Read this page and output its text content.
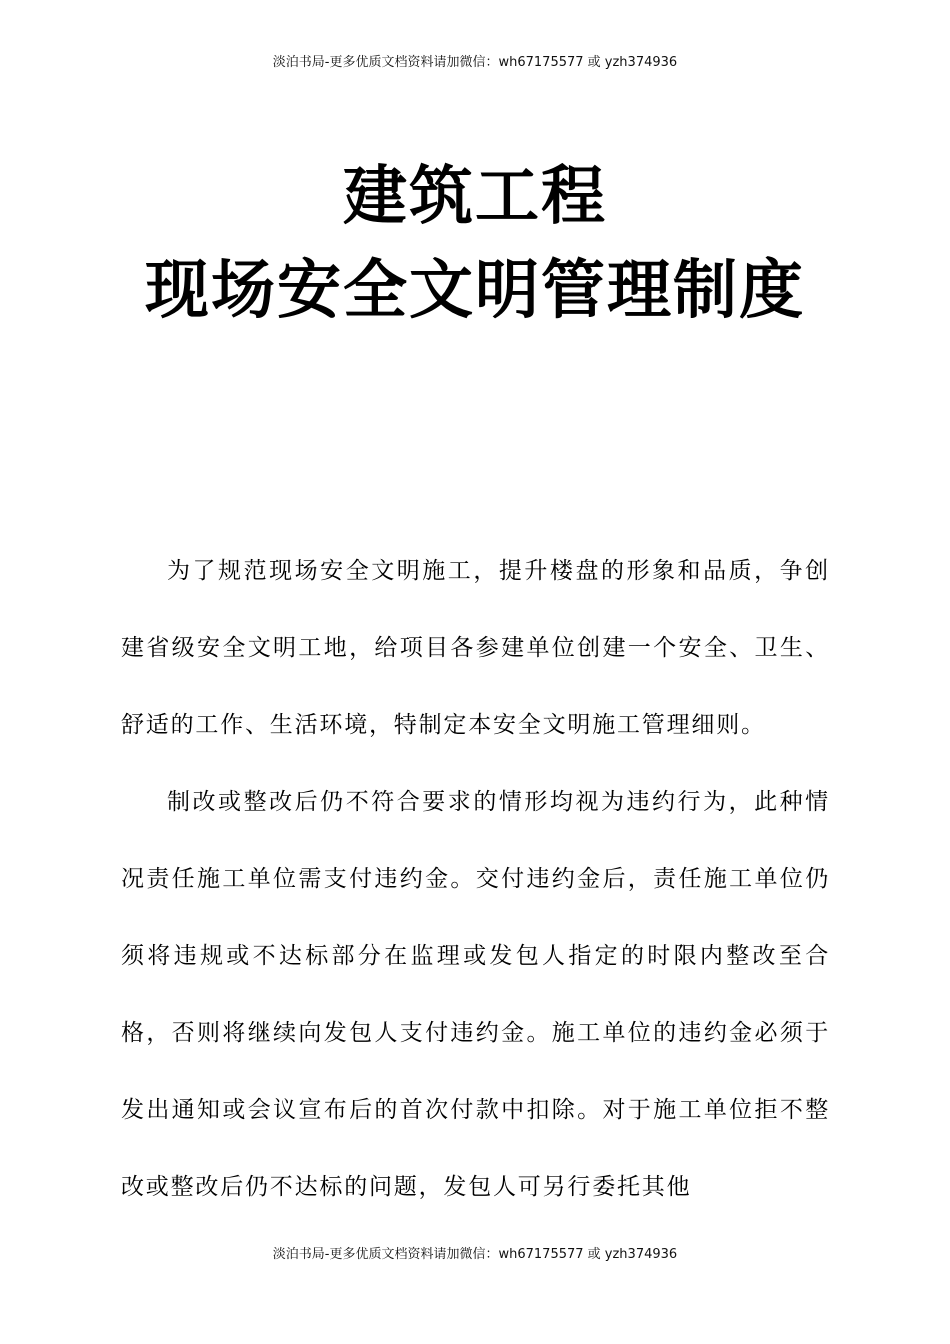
淡泊书局-更多优质文档资料请加微信：wh67175577 或 yzh374936
建筑工程
现场安全文明管理制度

为了规范现场安全文明施工，提升楼盘的形象和品质，争创建省级安全文明工地，给项目各参建单位创建一个安全、卫生、舒适的工作、生活环境，特制定本安全文明施工管理细则。

制改或整改后仍不符合要求的情形均视为违约行为，此种情况责任施工单位需支付违约金。交付违约金后，责任施工单位仍须将违规或不达标部分在监理或发包人指定的时限内整改至合格，否则将继续向发包人支付违约金。施工单位的违约金必须于发出通知或会议宣布后的首次付款中扣除。对于施工单位拒不整改或整改后仍不达标的问题，发包人可另行委托其他

淡泊书局-更多优质文档资料请加微信：wh67175577 或 yzh374936
